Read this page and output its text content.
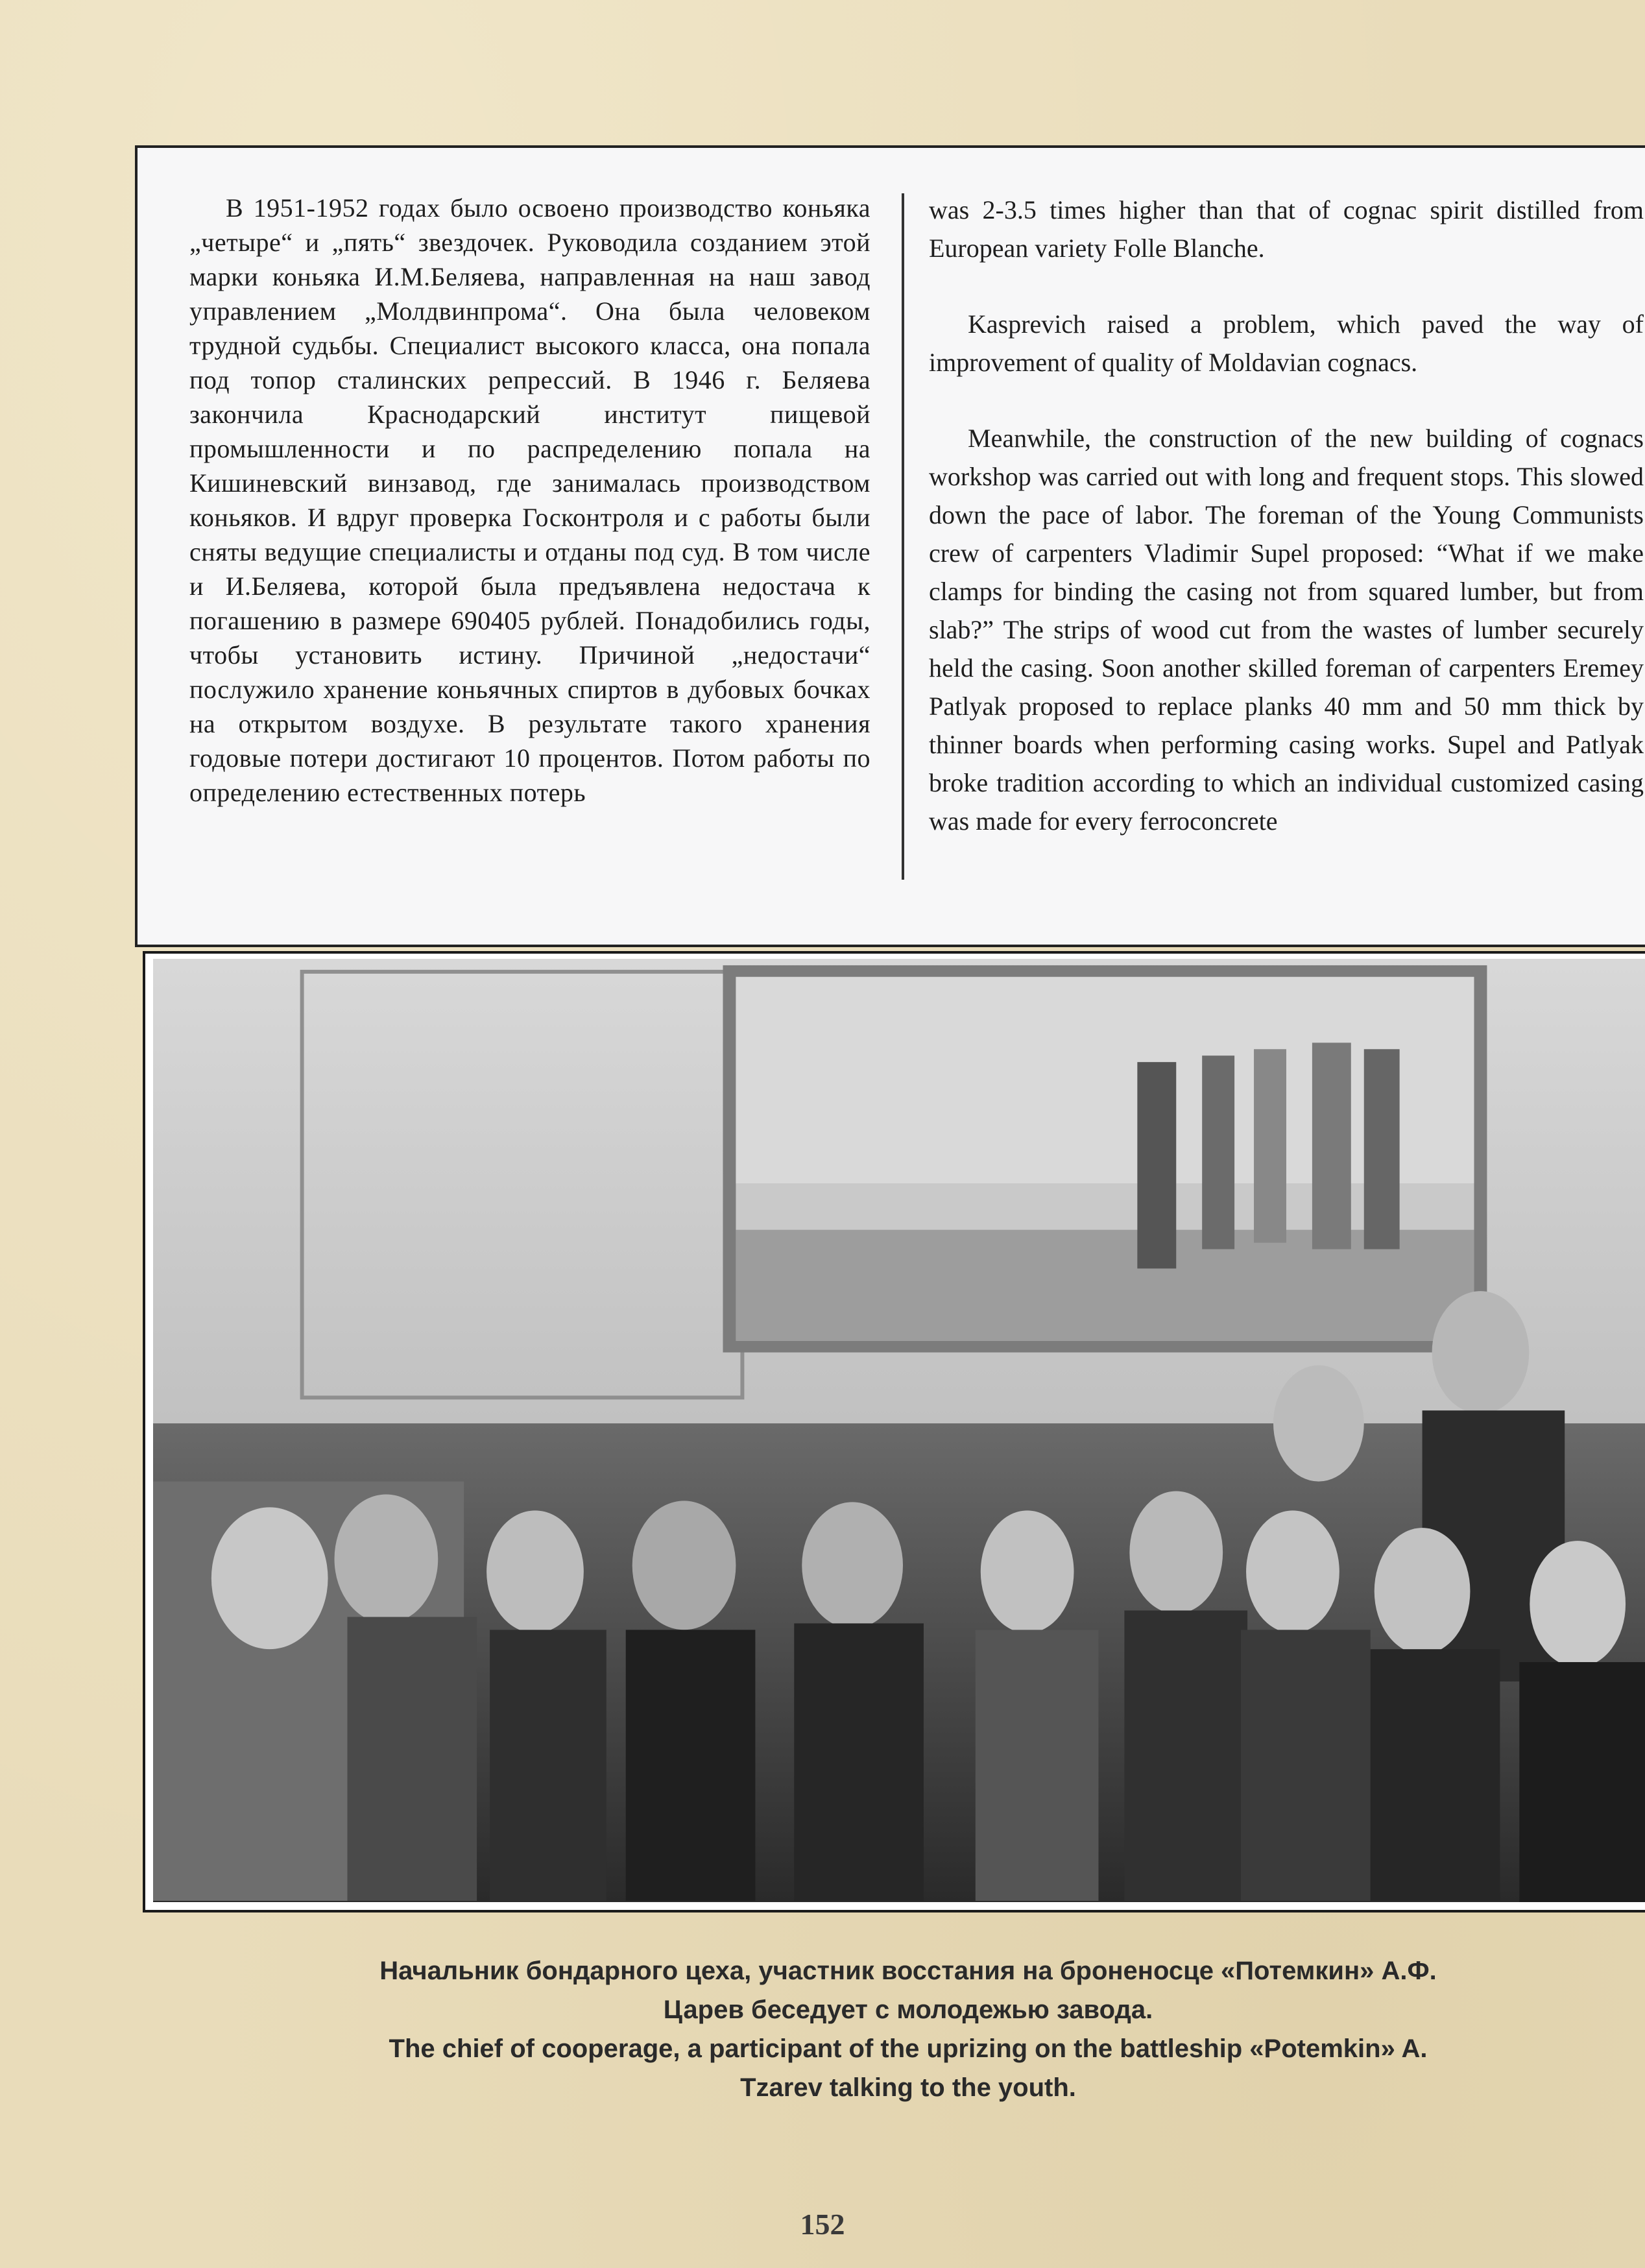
В 1951-1952 годах было освоено производство коньяка „четыре“ и „пять“ звездочек. Руководила созданием этой марки коньяка И.М.Беляева, направленная на наш завод управлением „Молдвинпрома“. Она была человеком трудной судьбы. Специалист высокого класса, она попала под топор сталинских репрессий. В 1946 г. Беляева закончила Краснодарский институт пищевой промышленности и по распределению попала на Кишиневский винзавод, где занималась производством коньяков. И вдруг проверка Госконтроля и с работы были сняты ведущие специалисты и отданы под суд. В том числе и И.Беляева, которой была предъявлена недостача к погашению в размере 690405 рублей. Понадобились годы, чтобы установить истину. Причиной „недостачи“ послужило хранение коньячных спиртов в дубовых бочках на открытом воздухе. В результате такого хранения годовые потери достигают 10 процентов. Потом работы по определению естественных потерь

was 2-3.5 times higher than that of cognac spirit distilled from European variety Folle Blanche.

Kasprevich raised a problem, which paved the way of improvement of quality of Moldavian cognacs.

Meanwhile, the construction of the new building of cognacs workshop was carried out with long and frequent stops. This slowed down the pace of labor. The foreman of the Young Communists crew of carpenters Vladimir Supel proposed: “What if we make clamps for binding the casing not from squared lumber, but from slab?” The strips of wood cut from the wastes of lumber securely held the casing. Soon another skilled foreman of carpenters Eremey Patlyak proposed to replace planks 40 mm and 50 mm thick by thinner boards when performing casing works. Supel and Patlyak broke tradition according to which an individual customized casing was made for every ferroconcrete

Начальник бондарного цеха, участник восстания на броненосце «Потемкин» А.Ф.
Царев беседует с молодежью завода.
The chief of cooperage, a participant of the uprizing on the battleship «Potemkin» A.
Tzarev talking to the youth.
152
